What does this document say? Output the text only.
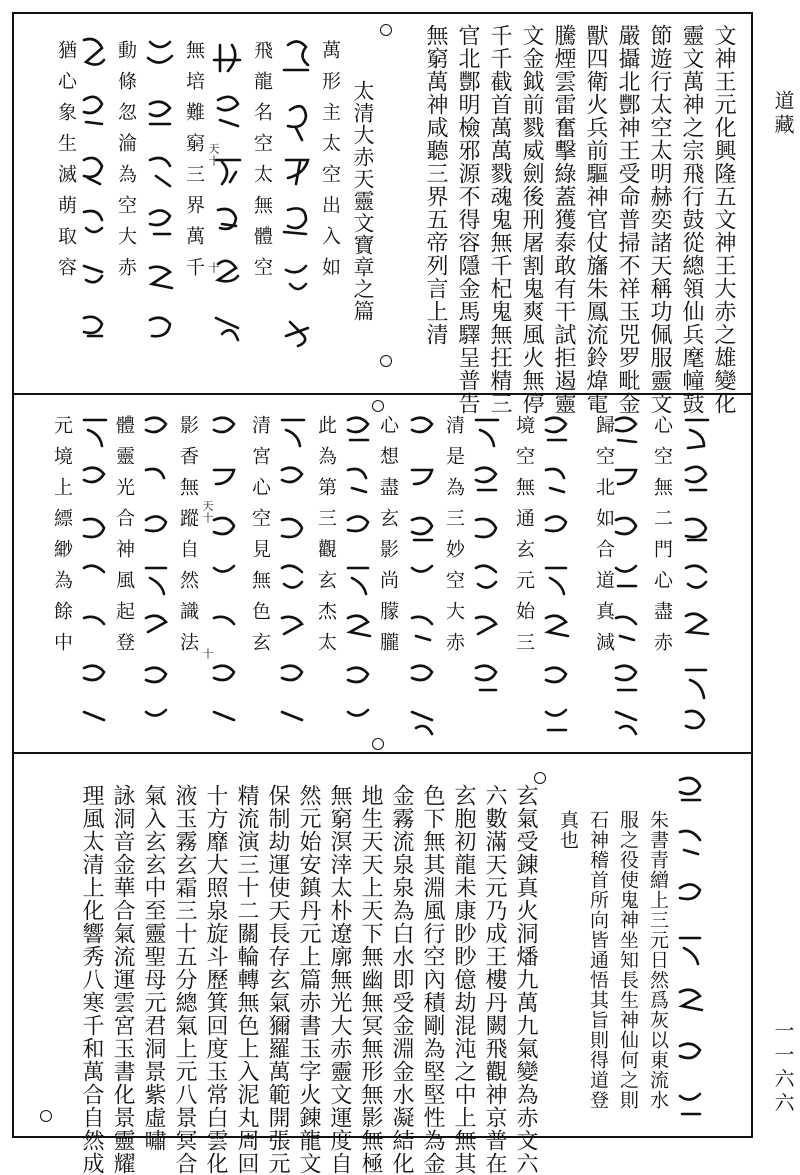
道藏
一一六六
文神王元化興隆五文神王大赤之雄變化
靈文萬神之宗飛行鼓從總領仙兵麾幢鼓
節遊行太空太明赫奕諸天稱功佩服靈文
嚴攝北酆神王受命普掃不祥玉兕罗毗金
獸四衛火兵前驅神官仗旛朱鳳流鈴煒電
騰煙雲雷奮擊綠蓋獲泰敢有干試拒遏靈
文金鉞前戮威劍後刑屠割鬼爽風火無停
千千截首萬萬戮魂鬼無千杞鬼無抂精三
官北酆明檢邪源不得容隱金馬驛呈普告
無窮萬神咸聽三界五帝列言上清
太清大赤天靈文寶章之篇
萬形主太空出入如
飛龍名空太無體空
無培難窮三界萬千
動條忽淪為空大赤
猶心象生滅萌取容	天十
十
心空無二門心盡赤
歸空北如合道真減
境空無通玄元始三
清是為三妙空大赤
心想盡玄影尚朦朧
此為第三觀玄杰太
清宮心空見無色玄
影香無蹤自然識法
體靈光合神風起登
元境上縹緲為餘中	天十
十
朱書青繒上三元日然爲灰以東流水
服之役使鬼神坐知長生神仙何之則
石神稽首所向皆通悟其旨則得道登
真也
玄氣受錬真火洞燔九萬九氣變為赤文六
六數滿天元乃成王樓丹闕飛觀神京普在
玄胞初龍未康眇眇億劫混沌之中上無其
色下無其淵風行空內積剛為堅堅性為金
金霧流泉泉為白水即受金淵金水凝結化
地生天天上天下無幽無冥無形無影無極
無窮溟涬太朴遼廓無光大赤靈文運度自
然元始安鎮丹元上篇赤書玉字火錬龍文
保制劫運使天長存玄氣獮羅萬範開張元
精流演三十二關輪轉無色上入泥丸周回
十方靡大照泉旋斗歷箕回度玉常白雲化
液玉霧玄霜三十五分總氣上元八景冥合
氣入玄玄中至靈聖母元君洞景紫虛嘯
詠洞音金華合氣流運雲宮玉書化景靈耀
理風太清上化響秀八寒千和萬合自然成
